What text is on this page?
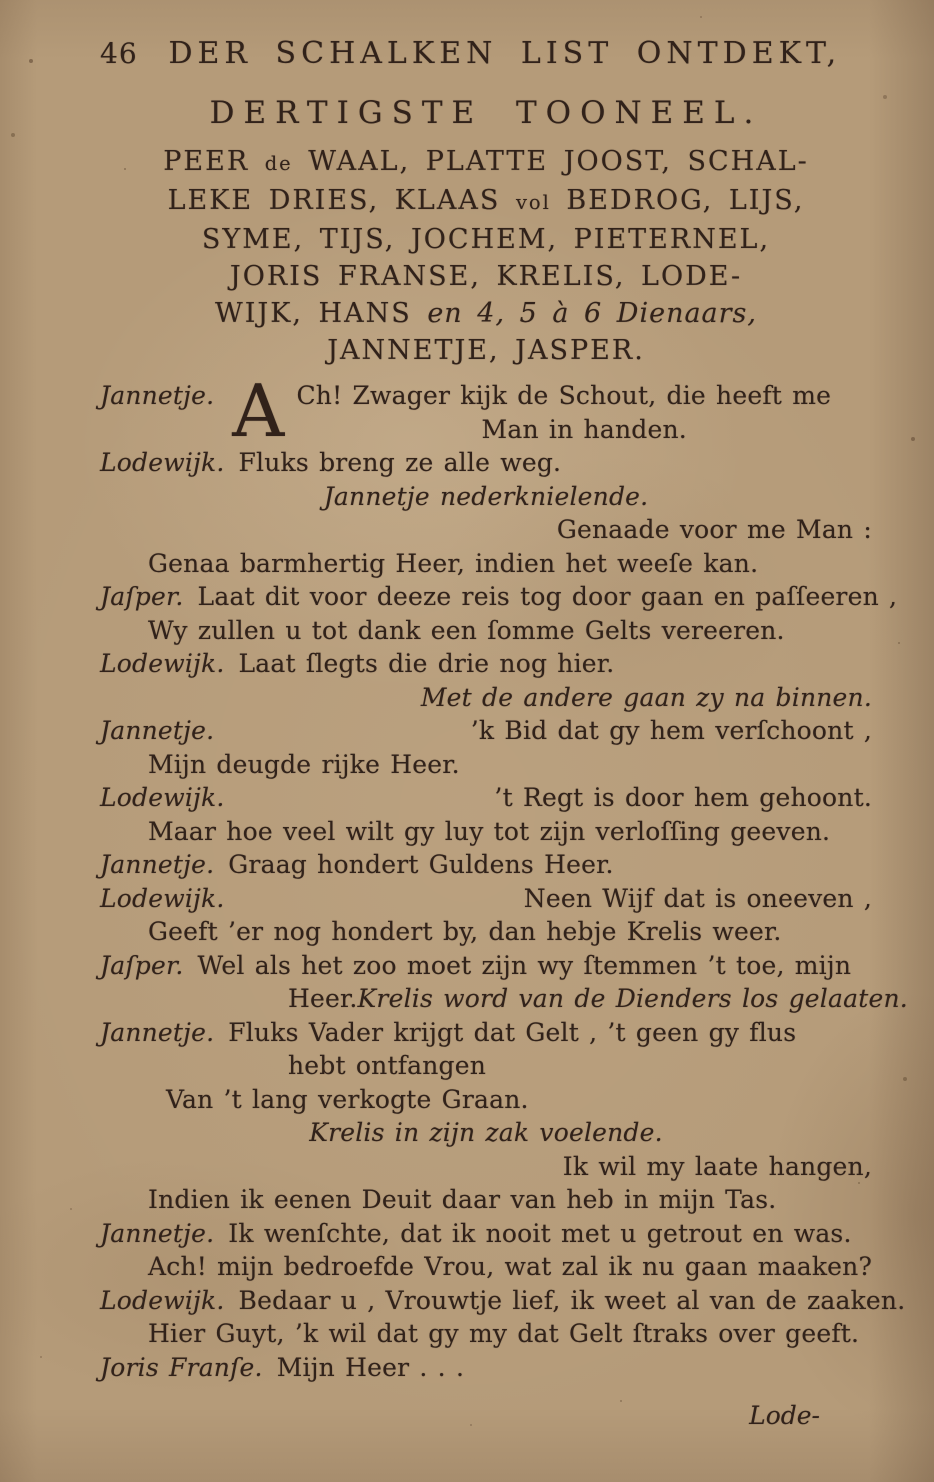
46	DER SCHALKEN LIST ONTDEKT,
DERTIGSTE TOONEEL.
PEER de WAAL, PLATTE JOOST, SCHAL-
LEKE DRIES, KLAAS vol BEDROG, LIJS,
SYME, TIJS, JOCHEM, PIETERNEL,
JORIS FRANSE, KRELIS, LODE-
WIJK, HANS en 4, 5 à 6 Dienaars,
JANNETJE, JASPER.
Jannetje. A Ch! Zwager kijk de Schout, die heeft me
Man in handen.
Lodewijk. Fluks breng ze alle weg.
Jannetje nederknielende.
Genaade voor me Man :
Genaa barmhertig Heer, indien het weeſe kan.
Jaſper. Laat dit voor deeze reis tog door gaan en paſſeeren ,
Wy zullen u tot dank een ſomme Gelts vereeren.
Lodewijk. Laat ſlegts die drie nog hier.
Met de andere gaan zy na binnen.
Jannetje.	’k Bid dat gy hem verſchoont ,
Mijn deugde rijke Heer.
Lodewijk.	’t Regt is door hem gehoont.
Maar hoe veel wilt gy luy tot zijn verloſſing geeven.
Jannetje. Graag hondert Guldens Heer.
Lodewijk.	Neen Wijf dat is oneeven ,
Geeft ’er nog hondert by, dan hebje Krelis weer.
Jaſper. Wel als het zoo moet zijn wy ſtemmen ’t toe, mijn
Heer. Krelis word van de Dienders los gelaaten.
Jannetje. Fluks Vader krijgt dat Gelt , ’t geen gy flus
hebt ontfangen
Van ’t lang verkogte Graan.
Krelis in zijn zak voelende.
Ik wil my laate hangen,
Indien ik eenen Deuit daar van heb in mijn Tas.
Jannetje. Ik wenſchte, dat ik nooit met u getrout en was.
Ach! mijn bedroefde Vrou, wat zal ik nu gaan maaken?
Lodewijk. Bedaar u , Vrouwtje lief, ik weet al van de zaaken.
Hier Guyt, ’k wil dat gy my dat Gelt ſtraks over geeft.
Joris Franſe. Mijn Heer . . .
Lode-
